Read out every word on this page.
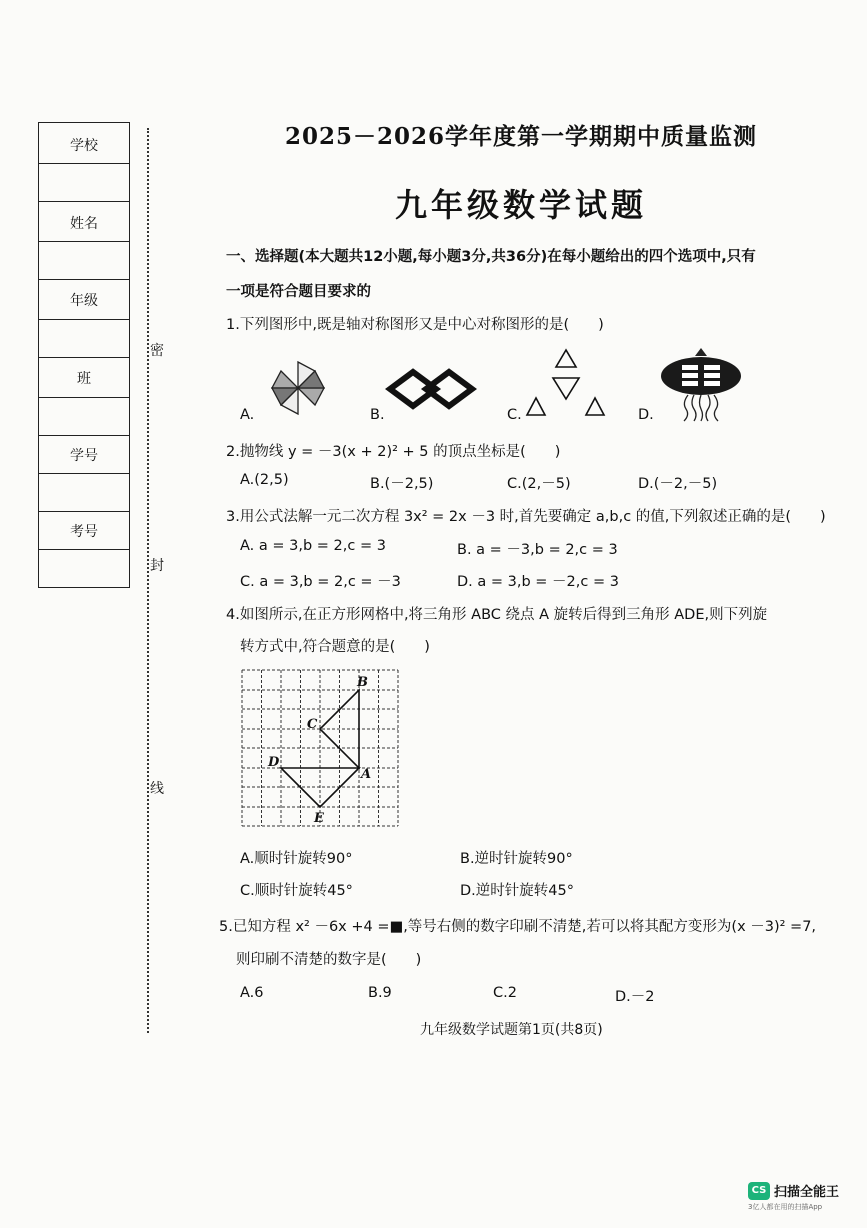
学校
姓名
年级
班
学号
考号
密
封
线
2025－2026学年度第一学期期中质量监测
九年级数学试题
一、选择题(本大题共12小题,每小题3分,共36分)在每小题给出的四个选项中,只有
一项是符合题目要求的
1.下列图形中,既是轴对称图形又是中心对称图形的是(　　)
A.	B.	C.	D.
2.抛物线 y = －3(x + 2)² + 5 的顶点坐标是(　　)
A.(2,5)	B.(－2,5)	C.(2,－5)	D.(－2,－5)
3.用公式法解一元二次方程 3x² = 2x －3 时,首先要确定 a,b,c 的值,下列叙述正确的是(　　)
A. a = 3,b = 2,c = 3	B. a = －3,b = 2,c = 3
C. a = 3,b = 2,c = －3	D. a = 3,b = －2,c = 3
4.如图所示,在正方形网格中,将三角形 ABC 绕点 A 旋转后得到三角形 ADE,则下列旋
转方式中,符合题意的是(　　)
B
C
D
A
E
A.顺时针旋转90°	B.逆时针旋转90°
C.顺时针旋转45°	D.逆时针旋转45°
5.已知方程 x² －6x +4 =■,等号右侧的数字印刷不清楚,若可以将其配方变形为(x －3)² =7,
则印刷不清楚的数字是(　　)
A.6	B.9	C.2	D.－2
九年级数学试题第1页(共8页)
CS 扫描全能王
3亿人都在用的扫描App
